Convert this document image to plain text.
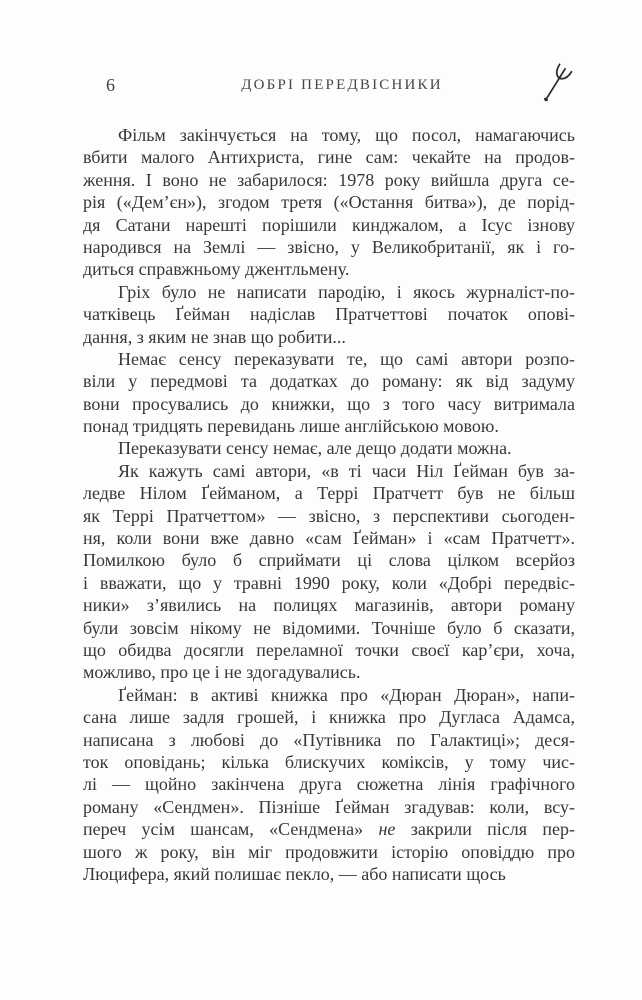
6	ДОБРІ ПЕРЕДВІСНИКИ
Фільм закінчується на тому, що посол, намагаючись
вбити малого Антихриста, гине сам: чекайте на продов-
ження. І воно не забарилося: 1978 року вийшла друга се-
рія («Дем’єн»), згодом третя («Остання битва»), де порід-
дя Сатани нарешті порішили кинджалом, а Ісус ізнову
народився на Землі — звісно, у Великобританії, як і го-
диться справжньому джентльмену.
Гріх було не написати пародію, і якось журналіст-по-
чатківець Ґейман надіслав Пратчеттові початок опові-
дання, з яким не знав що робити...
Немає сенсу переказувати те, що самі автори розпо-
віли у передмові та додатках до роману: як від задуму
вони просувались до книжки, що з того часу витримала
понад тридцять перевидань лише англійською мовою.
Переказувати сенсу немає, але дещо додати можна.
Як кажуть самі автори, «в ті часи Ніл Ґейман був за-
ледве Нілом Ґейманом, а Террі Пратчетт був не більш
як Террі Пратчеттом» — звісно, з перспективи сьогоден-
ня, коли вони вже давно «сам Ґейман» і «сам Пратчетт».
Помилкою було б сприймати ці слова цілком всерйоз
і вважати, що у травні 1990 року, коли «Добрі передвіс-
ники» з’явились на полицях магазинів, автори роману
були зовсім нікому не відомими. Точніше було б сказати,
що обидва досягли переламної точки своєї кар’єри, хоча,
можливо, про це і не здогадувались.
Ґейман: в активі книжка про «Дюран Дюран», напи-
сана лише задля грошей, і книжка про Дугласа Адамса,
написана з любові до «Путівника по Галактиці»; деся-
ток оповідань; кілька блискучих коміксів, у тому чис-
лі — щойно закінчена друга сюжетна лінія графічного
роману «Сендмен». Пізніше Ґейман згадував: коли, всу-
переч усім шансам, «Сендмена» не закрили після пер-
шого ж року, він міг продовжити історію оповіддю про
Люцифера, який полишає пекло, — або написати щось
